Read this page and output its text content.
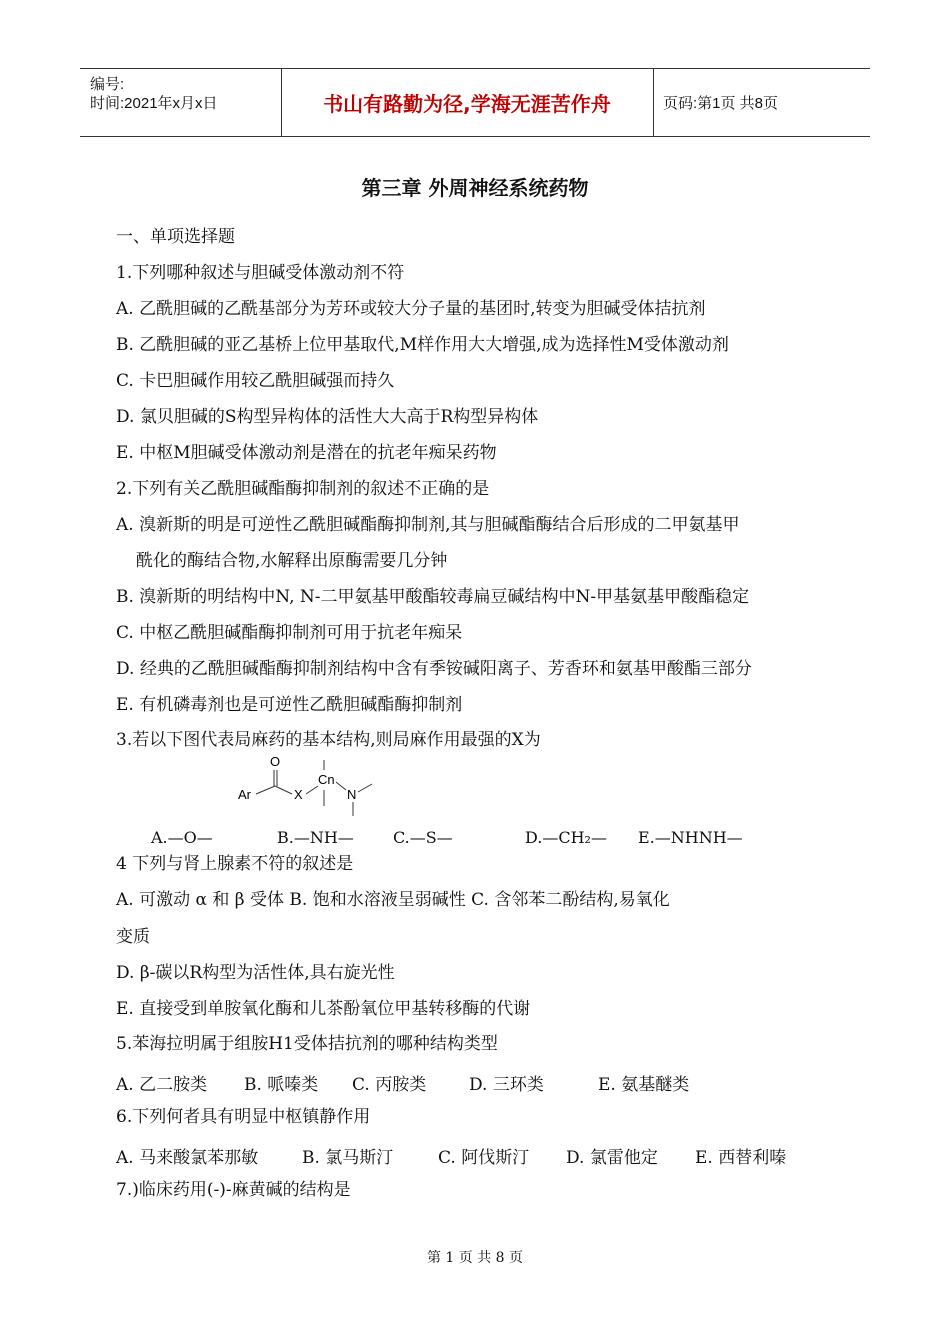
编号:
时间:2021年x月x日	书山有路勤为径,学海无涯苦作舟	页码:第1页 共8页
第三章 外周神经系统药物
一、单项选择题
1.下列哪种叙述与胆碱受体激动剂不符
A. 乙酰胆碱的乙酰基部分为芳环或较大分子量的基团时,转变为胆碱受体拮抗剂
B. 乙酰胆碱的亚乙基桥上位甲基取代,M样作用大大增强,成为选择性M受体激动剂
C. 卡巴胆碱作用较乙酰胆碱强而持久
D. 氯贝胆碱的S构型异构体的活性大大高于R构型异构体
E. 中枢M胆碱受体激动剂是潜在的抗老年痴呆药物
2.下列有关乙酰胆碱酯酶抑制剂的叙述不正确的是
A. 溴新斯的明是可逆性乙酰胆碱酯酶抑制剂,其与胆碱酯酶结合后形成的二甲氨基甲
酰化的酶结合物,水解释出原酶需要几分钟
B. 溴新斯的明结构中N, N-二甲氨基甲酸酯较毒扁豆碱结构中N-甲基氨基甲酸酯稳定
C. 中枢乙酰胆碱酯酶抑制剂可用于抗老年痴呆
D. 经典的乙酰胆碱酯酶抑制剂结构中含有季铵碱阳离子、芳香环和氨基甲酸酯三部分
E. 有机磷毒剂也是可逆性乙酰胆碱酯酶抑制剂
3.若以下图代表局麻药的基本结构,则局麻作用最强的X为
O
Ar	X
Cn
N
A.—O—	B.—NH— C.—S—	D.—CH₂— E.—NHNH—
4 下列与肾上腺素不符的叙述是
A. 可激动 α 和 β 受体 B. 饱和水溶液呈弱碱性 C. 含邻苯二酚结构,易氧化
变质
D. β-碳以R构型为活性体,具右旋光性
E. 直接受到单胺氧化酶和儿茶酚氧位甲基转移酶的代谢
5.苯海拉明属于组胺H1受体拮抗剂的哪种结构类型
A. 乙二胺类 B. 哌嗪类 C. 丙胺类	D. 三环类	E. 氨基醚类
6.下列何者具有明显中枢镇静作用
A. 马来酸氯苯那敏	B. 氯马斯汀	C. 阿伐斯汀 D. 氯雷他定 E. 西替利嗪
7.)临床药用(-)-麻黄碱的结构是
第 1 页 共 8 页
